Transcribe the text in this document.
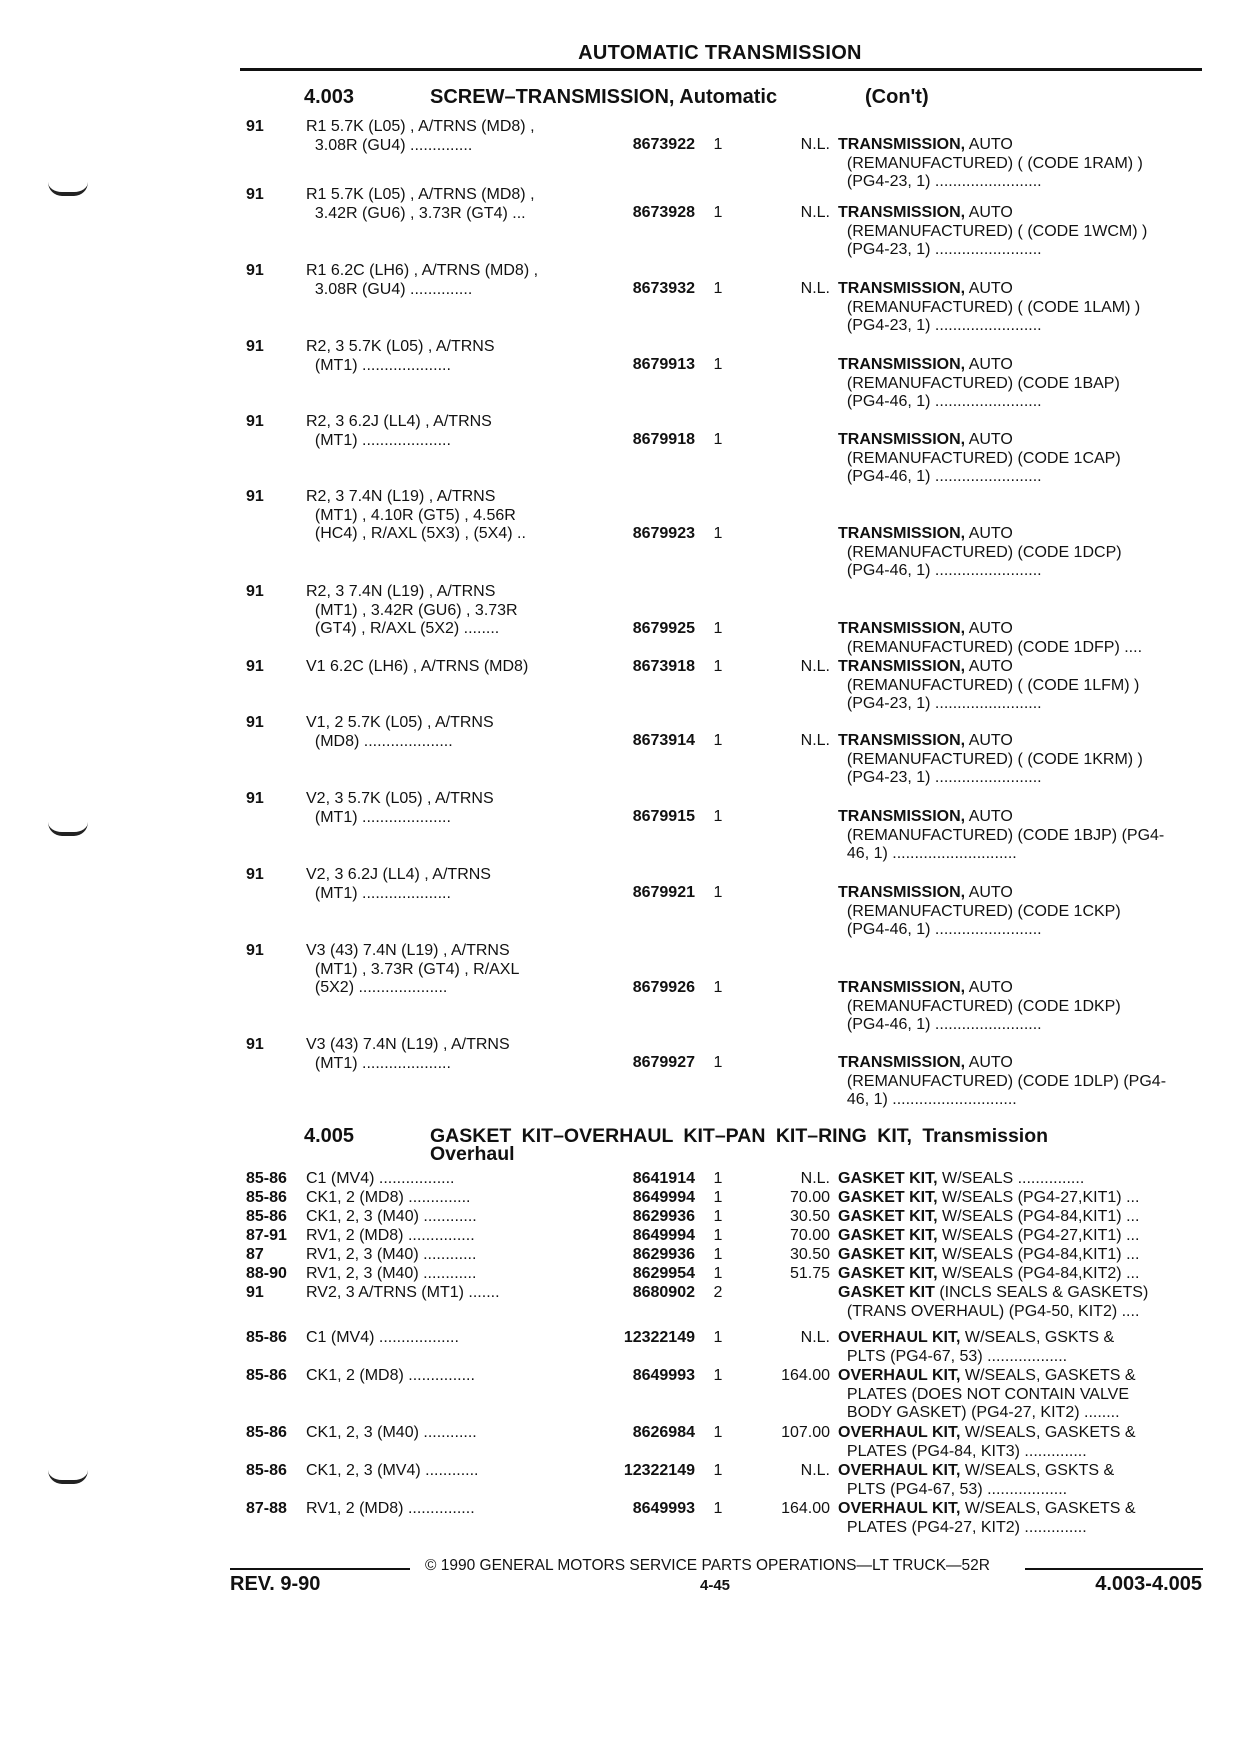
AUTOMATIC TRANSMISSION
4.003	SCREW–TRANSMISSION, Automatic	(Con't)
91	R1 5.7K (L05) , A/TRNS (MD8) ,
3.08R (GU4) ..............	8673922	1	N.L. TRANSMISSION, AUTO
(REMANUFACTURED) ( (CODE 1RAM) )
(PG4-23, 1) ........................
91	R1 5.7K (L05) , A/TRNS (MD8) ,
3.42R (GU6) , 3.73R (GT4) ...	8673928	1	N.L. TRANSMISSION, AUTO
(REMANUFACTURED) ( (CODE 1WCM) )
(PG4-23, 1) ........................
91	R1 6.2C (LH6) , A/TRNS (MD8) ,
3.08R (GU4) ..............	8673932	1	N.L. TRANSMISSION, AUTO
(REMANUFACTURED) ( (CODE 1LAM) )
(PG4-23, 1) ........................
91	R2, 3 5.7K (L05) , A/TRNS
(MT1) ....................	8679913	1	TRANSMISSION, AUTO
(REMANUFACTURED) (CODE 1BAP)
(PG4-46, 1) ........................
91	R2, 3 6.2J (LL4) , A/TRNS
(MT1) ....................	8679918	1	TRANSMISSION, AUTO
(REMANUFACTURED) (CODE 1CAP)
(PG4-46, 1) ........................
91	R2, 3 7.4N (L19) , A/TRNS
(MT1) , 4.10R (GT5) , 4.56R
(HC4) , R/AXL (5X3) , (5X4) ..	8679923	1	TRANSMISSION, AUTO
(REMANUFACTURED) (CODE 1DCP)
(PG4-46, 1) ........................
91	R2, 3 7.4N (L19) , A/TRNS
(MT1) , 3.42R (GU6) , 3.73R
(GT4) , R/AXL (5X2) ........	8679925	1	TRANSMISSION, AUTO
(REMANUFACTURED) (CODE 1DFP) ....
91	V1 6.2C (LH6) , A/TRNS (MD8)	8673918	1	N.L. TRANSMISSION, AUTO
(REMANUFACTURED) ( (CODE 1LFM) )
(PG4-23, 1) ........................
91	V1, 2 5.7K (L05) , A/TRNS
(MD8) ....................	8673914	1	N.L. TRANSMISSION, AUTO
(REMANUFACTURED) ( (CODE 1KRM) )
(PG4-23, 1) ........................
91	V2, 3 5.7K (L05) , A/TRNS
(MT1) ....................	8679915	1	TRANSMISSION, AUTO
(REMANUFACTURED) (CODE 1BJP) (PG4-
46, 1) ............................
91	V2, 3 6.2J (LL4) , A/TRNS
(MT1) ....................	8679921	1	TRANSMISSION, AUTO
(REMANUFACTURED) (CODE 1CKP)
(PG4-46, 1) ........................
91	V3 (43) 7.4N (L19) , A/TRNS
(MT1) , 3.73R (GT4) , R/AXL
(5X2) ....................	8679926	1	TRANSMISSION, AUTO
(REMANUFACTURED) (CODE 1DKP)
(PG4-46, 1) ........................
91	V3 (43) 7.4N (L19) , A/TRNS
(MT1) ....................	8679927	1	TRANSMISSION, AUTO
(REMANUFACTURED) (CODE 1DLP) (PG4-
46, 1) ............................
4.005	GASKET KIT–OVERHAUL KIT–PAN KIT–RING KIT, Transmission
Overhaul
85-86	C1 (MV4) .................	8641914	1	N.L. GASKET KIT, W/SEALS ...............
85-86	CK1, 2 (MD8) ..............	8649994	1	70.00 GASKET KIT, W/SEALS (PG4-27,KIT1) ...
85-86	CK1, 2, 3 (M40) ............	8629936	1	30.50 GASKET KIT, W/SEALS (PG4-84,KIT1) ...
87-91	RV1, 2 (MD8) ...............	8649994	1	70.00 GASKET KIT, W/SEALS (PG4-27,KIT1) ...
87	RV1, 2, 3 (M40) ............	8629936	1	30.50 GASKET KIT, W/SEALS (PG4-84,KIT1) ...
88-90	RV1, 2, 3 (M40) ............	8629954	1	51.75 GASKET KIT, W/SEALS (PG4-84,KIT2) ...
91	RV2, 3 A/TRNS (MT1) .......	8680902	2	GASKET KIT (INCLS SEALS & GASKETS)
(TRANS OVERHAUL) (PG4-50, KIT2) ....
85-86	C1 (MV4) ..................	12322149	1	N.L. OVERHAUL KIT, W/SEALS, GSKTS &
PLTS (PG4-67, 53) ..................
85-86	CK1, 2 (MD8) ...............	8649993	1	164.00 OVERHAUL KIT, W/SEALS, GASKETS &
PLATES (DOES NOT CONTAIN VALVE
BODY GASKET) (PG4-27, KIT2) ........
85-86	CK1, 2, 3 (M40) ............	8626984	1	107.00 OVERHAUL KIT, W/SEALS, GASKETS &
PLATES (PG4-84, KIT3) ..............
85-86	CK1, 2, 3 (MV4) ............	12322149	1	N.L. OVERHAUL KIT, W/SEALS, GSKTS &
PLTS (PG4-67, 53) ..................
87-88	RV1, 2 (MD8) ...............	8649993	1	164.00 OVERHAUL KIT, W/SEALS, GASKETS &
PLATES (PG4-27, KIT2) ..............
© 1990 GENERAL MOTORS SERVICE PARTS OPERATIONS—LT TRUCK—52R
REV. 9-90	4-45	4.003-4.005
